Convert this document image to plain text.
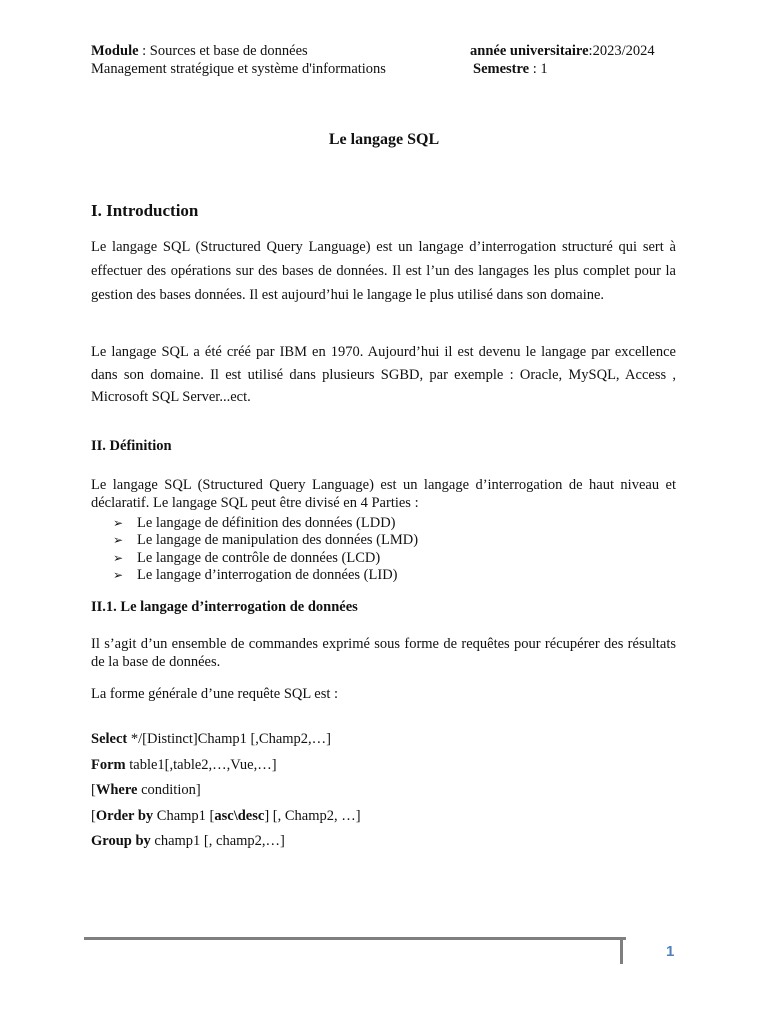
Module : Sources et base de données
Management stratégique et système d'informations
année universitaire:2023/2024
Semestre : 1
Le langage SQL
I. Introduction

Le langage SQL (Structured Query Language) est un langage d’interrogation structuré qui sert à effectuer des opérations sur des bases de données. Il est l’un des langages les plus complet pour la gestion des bases données. Il est aujourd’hui le langage le plus utilisé dans son domaine.

Le langage SQL a été créé par IBM en 1970. Aujourd’hui il est devenu le langage par excellence dans son domaine. Il est utilisé dans plusieurs SGBD, par exemple : Oracle, MySQL, Access , Microsoft SQL Server...ect.

II. Définition

Le langage SQL (Structured Query Language) est un langage d’interrogation de haut niveau et déclaratif. Le langage SQL peut être divisé en 4 Parties :

➢ Le langage de définition des données (LDD)
➢ Le langage de manipulation des données (LMD)
➢ Le langage de contrôle de données (LCD)
➢ Le langage d’interrogation de données (LID)
II.1. Le langage d’interrogation de données

Il s’agit d’un ensemble de commandes exprimé sous forme de requêtes pour récupérer des résultats de la base de données.

La forme générale d’une requête SQL est :

Select */[Distinct]Champ1 [,Champ2,…]
Form table1[,table2,…,Vue,…]
[Where condition]
[Order by Champ1 [asc\desc] [, Champ2, …]
Group by champ1 [, champ2,…]
1
